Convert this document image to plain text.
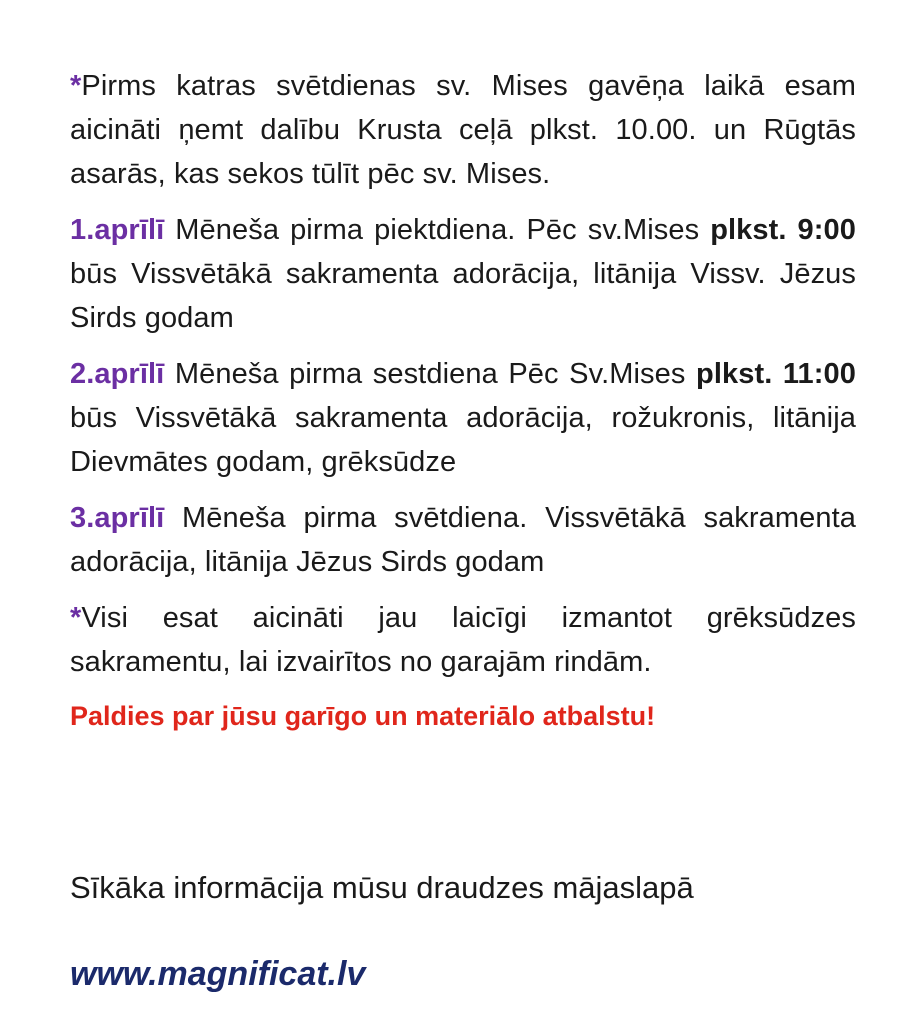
*Pirms katras svētdienas sv. Mises gavēņa laikā esam aicināti ņemt dalību Krusta ceļā plkst. 10.00. un Rūgtās asarās, kas sekos tūlīt pēc sv. Mises.

1.aprīlī Mēneša pirma piektdiena. Pēc sv.Mises plkst. 9:00 būs Vissvētākā sakramenta adorācija, litānija Vissv. Jēzus Sirds godam

2.aprīlī Mēneša pirma sestdiena Pēc Sv.Mises plkst. 11:00 būs Vissvētākā sakramenta adorācija, rožukronis, litānija Dievmātes godam, grēksūdze

3.aprīlī Mēneša pirma svētdiena. Vissvētākā sakramenta adorācija, litānija Jēzus Sirds godam

*Visi esat aicināti jau laicīgi izmantot grēksūdzes sakramentu, lai izvairītos no garajām rindām.

Paldies par jūsu garīgo un materiālo atbalstu!

Sīkāka informācija mūsu draudzes mājaslapā
www.magnificat.lv
